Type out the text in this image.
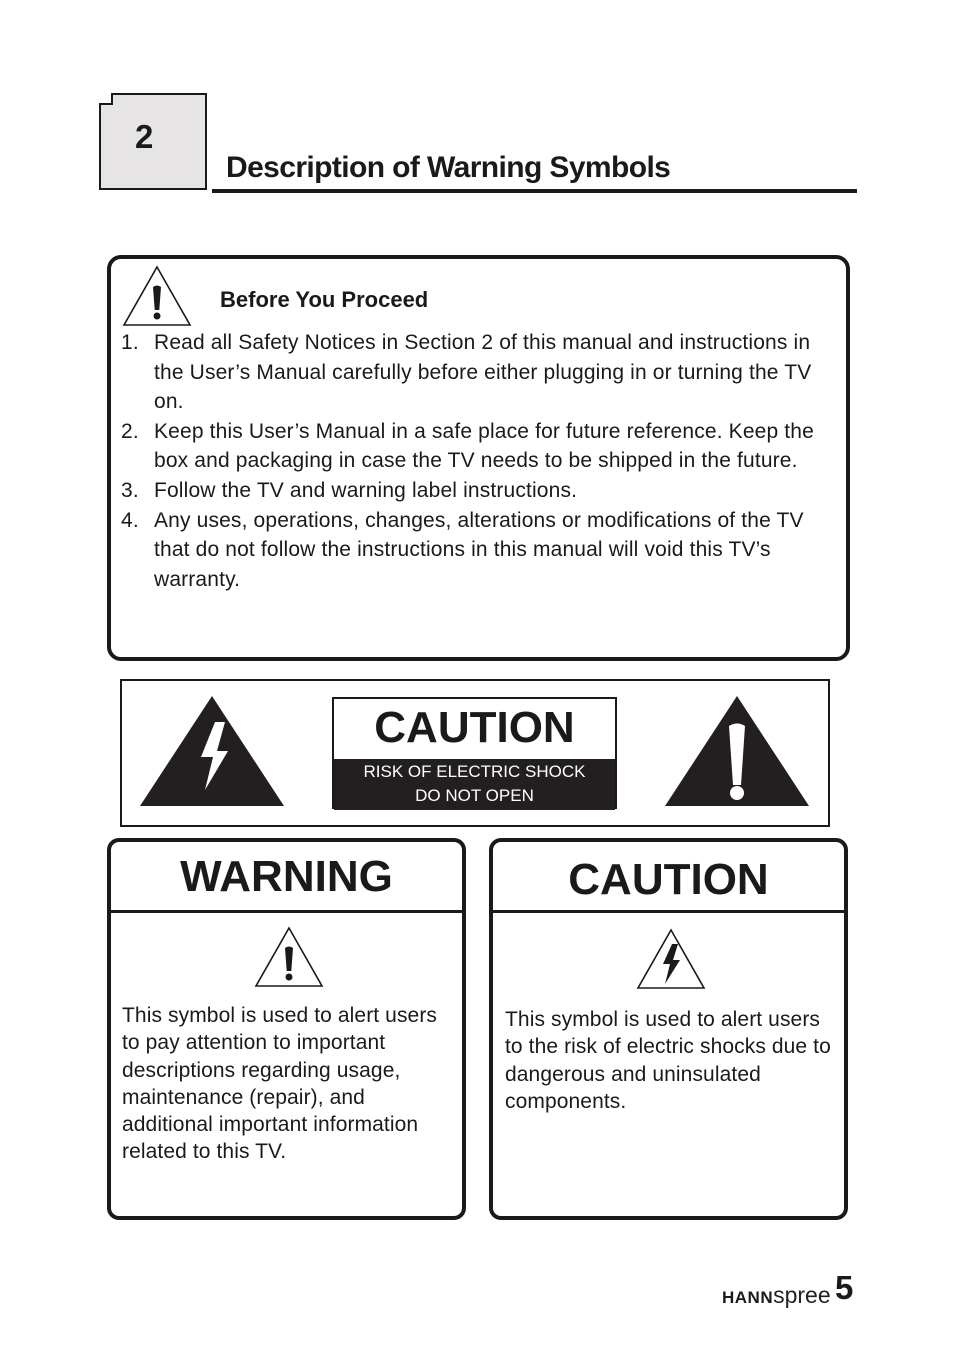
2
Description of Warning Symbols
Before You Proceed
1. Read all Safety Notices in Section 2 of this manual and instructions in the User’s Manual carefully before either plugging in or turning the TV on.
2. Keep this User’s Manual in a safe place for future reference. Keep the box and packaging in case the TV needs to be shipped in the future.
3. Follow the TV and warning label instructions.
4. Any uses, operations, changes, alterations or modifications of the TV that do not follow the instructions in this manual will void this TV’s warranty.
CAUTION
RISK OF ELECTRIC SHOCK
DO NOT OPEN
WARNING
This symbol is used to alert users to pay attention to important descriptions regarding usage, maintenance (repair), and additional important information related to this TV.
CAUTION
This symbol is used to alert users to the risk of electric shocks due to dangerous and uninsulated components.
HANNspree 5
